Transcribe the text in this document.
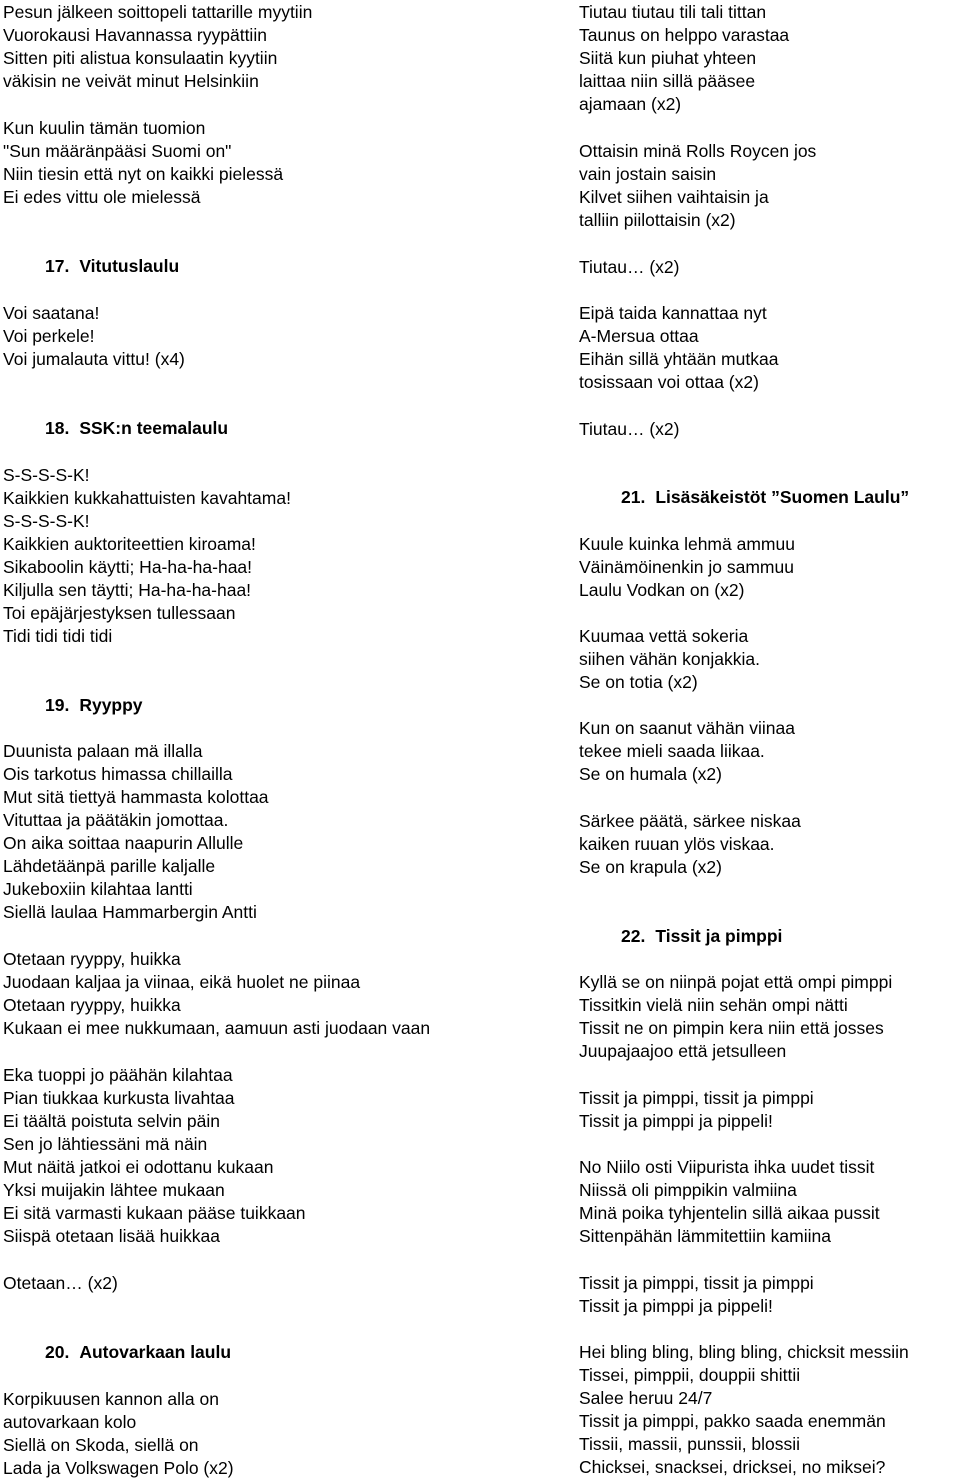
Pesun jälkeen soittopeli tattarille myytiin
Vuorokausi Havannassa ryypättiin
Sitten piti alistua konsulaatin kyytiin
väkisin ne veivät minut Helsinkiin
Kun kuulin tämän tuomion
"Sun määränpääsi Suomi on"
Niin tiesin että nyt on kaikki pielessä
Ei edes vittu ole mielessä
17. Vitutuslaulu
Voi saatana!
Voi perkele!
Voi jumalauta vittu! (x4)
18. SSK:n teemalaulu
S-S-S-S-K!
Kaikkien kukkahattuisten kavahtama!
S-S-S-S-K!
Kaikkien auktoriteettien kiroama!
Sikaboolin käytti; Ha-ha-ha-haa!
Kiljulla sen täytti; Ha-ha-ha-haa!
Toi epäjärjestyksen tullessaan
Tidi tidi tidi tidi
19. Ryyppy
Duunista palaan mä illalla
Ois tarkotus himassa chillailla
Mut sitä tiettyä hammasta kolottaa
Vituttaa ja päätäkin jomottaa.
On aika soittaa naapurin Allulle
Lähdetäänpä parille kaljalle
Jukeboxiin kilahtaa lantti
Siellä laulaa Hammarbergin Antti
Otetaan ryyppy, huikka
Juodaan kaljaa ja viinaa, eikä huolet ne piinaa
Otetaan ryyppy, huikka
Kukaan ei mee nukkumaan, aamuun asti juodaan vaan
Eka tuoppi jo päähän kilahtaa
Pian tiukkaa kurkusta livahtaa
Ei täältä poistuta selvin päin
Sen jo lähtiessäni mä näin
Mut näitä jatkoi ei odottanu kukaan
Yksi muijakin lähtee mukaan
Ei sitä varmasti kukaan pääse tuikkaan
Siispä otetaan lisää huikkaa
Otetaan… (x2)
20. Autovarkaan laulu
Korpikuusen kannon alla on
autovarkaan kolo
Siellä on Skoda, siellä on
Lada ja Volkswagen Polo (x2)
Tiutau tiutau tili tali tittan
Taunus on helppo varastaa
Siitä kun piuhat yhteen
laittaa niin sillä pääsee
ajamaan (x2)
Ottaisin minä Rolls Roycen jos
vain jostain saisin
Kilvet siihen vaihtaisin ja
talliin piilottaisin (x2)
Tiutau… (x2)
Eipä taida kannattaa nyt
A-Mersua ottaa
Eihän sillä yhtään mutkaa
tosissaan voi ottaa (x2)
Tiutau… (x2)
21. Lisäsäkeistöt ”Suomen Laulu”
Kuule kuinka lehmä ammuu
Väinämöinenkin jo sammuu
Laulu Vodkan on (x2)
Kuumaa vettä sokeria
siihen vähän konjakkia.
Se on totia (x2)
Kun on saanut vähän viinaa
tekee mieli saada liikaa.
Se on humala (x2)
Särkee päätä, särkee niskaa
kaiken ruuan ylös viskaa.
Se on krapula (x2)
22. Tissit ja pimppi
Kyllä se on niinpä pojat että ompi pimppi
Tissitkin vielä niin sehän ompi nätti
Tissit ne on pimpin kera niin että josses
Juupajaajoo että jetsulleen
Tissit ja pimppi, tissit ja pimppi
Tissit ja pimppi ja pippeli!
No Niilo osti Viipurista ihka uudet tissit
Niissä oli pimppikin valmiina
Minä poika tyhjentelin sillä aikaa pussit
Sittenpähän lämmitettiin kamiina
Tissit ja pimppi, tissit ja pimppi
Tissit ja pimppi ja pippeli!
Hei bling bling, bling bling, chicksit messiin
Tissei, pimppii, douppii shittii
Salee heruu 24/7
Tissit ja pimppi, pakko saada enemmän
Tissii, massii, punssii, blossii
Chicksei, snacksei, dricksei, no miksei?
